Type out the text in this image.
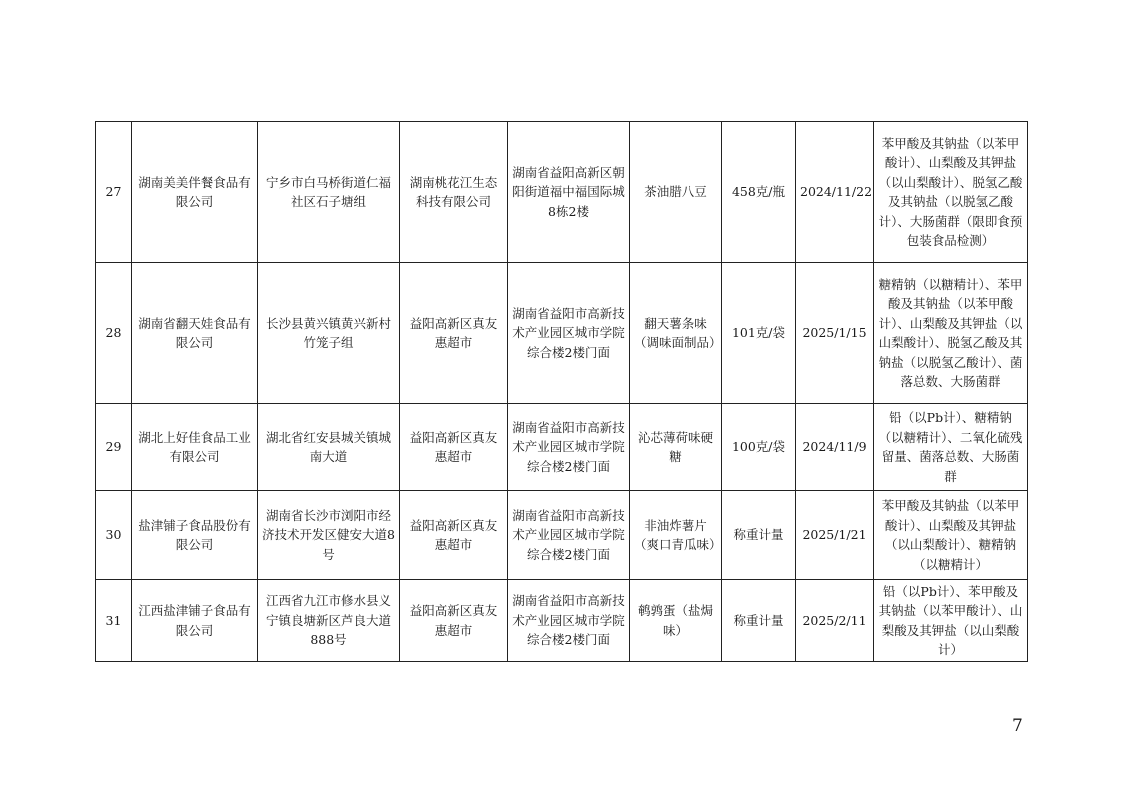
27	湖南美美伴餐食品有限公司	宁乡市白马桥街道仁福社区石子塘组	湖南桃花江生态科技有限公司	湖南省益阳高新区朝阳街道福中福国际城8栋2楼	茶油腊八豆	458克/瓶	2024/11/22	苯甲酸及其钠盐（以苯甲酸计）、山梨酸及其钾盐（以山梨酸计）、脱氢乙酸及其钠盐（以脱氢乙酸计）、大肠菌群（限即食预包装食品检测）
28	湖南省翻天娃食品有限公司	长沙县黄兴镇黄兴新村竹笼子组	益阳高新区真友惠超市	湖南省益阳市高新技术产业园区城市学院综合楼2楼门面	翻天薯条味（调味面制品）	101克/袋	2025/1/15	糖精钠（以糖精计）、苯甲酸及其钠盐（以苯甲酸计）、山梨酸及其钾盐（以山梨酸计）、脱氢乙酸及其钠盐（以脱氢乙酸计）、菌落总数、大肠菌群
29	湖北上好佳食品工业有限公司	湖北省红安县城关镇城南大道	益阳高新区真友惠超市	湖南省益阳市高新技术产业园区城市学院综合楼2楼门面	沁芯薄荷味硬糖	100克/袋	2024/11/9	铅（以Pb计）、糖精钠（以糖精计）、二氧化硫残留量、菌落总数、大肠菌群
30	盐津铺子食品股份有限公司	湖南省长沙市浏阳市经济技术开发区健安大道8号	益阳高新区真友惠超市	湖南省益阳市高新技术产业园区城市学院综合楼2楼门面	非油炸薯片（爽口青瓜味）	称重计量	2025/1/21	苯甲酸及其钠盐（以苯甲酸计）、山梨酸及其钾盐（以山梨酸计）、糖精钠（以糖精计）
31	江西盐津铺子食品有限公司	江西省九江市修水县义宁镇良塘新区芦良大道888号	益阳高新区真友惠超市	湖南省益阳市高新技术产业园区城市学院综合楼2楼门面	鹌鹑蛋（盐焗味）	称重计量	2025/2/11	铅（以Pb计）、苯甲酸及其钠盐（以苯甲酸计）、山梨酸及其钾盐（以山梨酸计）
7
